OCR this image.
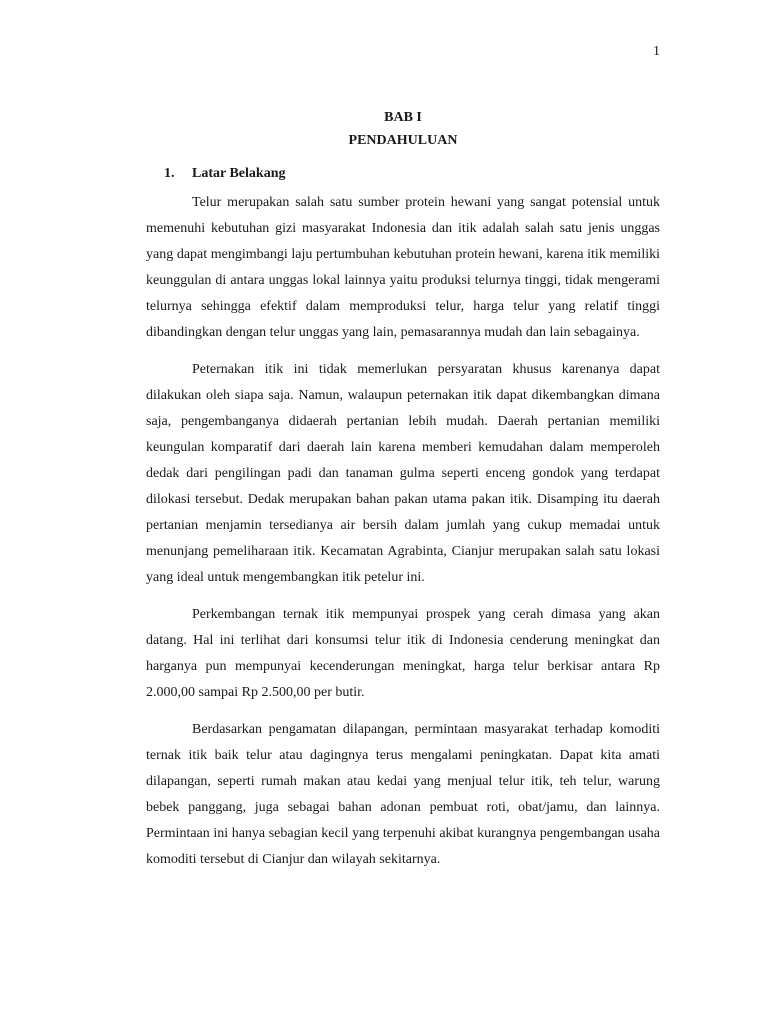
1

BAB I
PENDAHULUAN
1. Latar Belakang

Telur merupakan salah satu sumber protein hewani yang sangat potensial untuk memenuhi kebutuhan gizi masyarakat Indonesia dan itik adalah salah satu jenis unggas yang dapat mengimbangi laju pertumbuhan kebutuhan protein hewani, karena itik memiliki keunggulan di antara unggas lokal lainnya yaitu produksi telurnya tinggi, tidak mengerami telurnya sehingga efektif dalam memproduksi telur, harga telur yang relatif tinggi dibandingkan dengan telur unggas yang lain, pemasarannya mudah dan lain sebagainya.

Peternakan itik ini tidak memerlukan persyaratan khusus karenanya dapat dilakukan oleh siapa saja. Namun, walaupun peternakan itik dapat dikembangkan dimana saja, pengembanganya didaerah pertanian lebih mudah. Daerah pertanian memiliki keungulan komparatif dari daerah lain karena memberi kemudahan dalam memperoleh dedak dari pengilingan padi dan tanaman gulma seperti enceng gondok yang terdapat dilokasi tersebut. Dedak merupakan bahan pakan utama pakan itik. Disamping itu daerah pertanian menjamin tersedianya air bersih dalam jumlah yang cukup memadai untuk menunjang pemeliharaan itik. Kecamatan Agrabinta, Cianjur merupakan salah satu lokasi yang ideal untuk mengembangkan itik petelur ini.

Perkembangan ternak itik mempunyai prospek yang cerah dimasa yang akan datang. Hal ini terlihat dari konsumsi telur itik di Indonesia cenderung meningkat dan harganya pun mempunyai kecenderungan meningkat, harga telur berkisar antara Rp 2.000,00 sampai Rp 2.500,00 per butir.

Berdasarkan pengamatan dilapangan, permintaan masyarakat terhadap komoditi ternak itik baik telur atau dagingnya terus mengalami peningkatan. Dapat kita amati dilapangan, seperti rumah makan atau kedai yang menjual telur itik, teh telur, warung bebek panggang, juga sebagai bahan adonan pembuat roti, obat/jamu, dan lainnya. Permintaan ini hanya sebagian kecil yang terpenuhi akibat kurangnya pengembangan usaha komoditi tersebut di Cianjur dan wilayah sekitarnya.
